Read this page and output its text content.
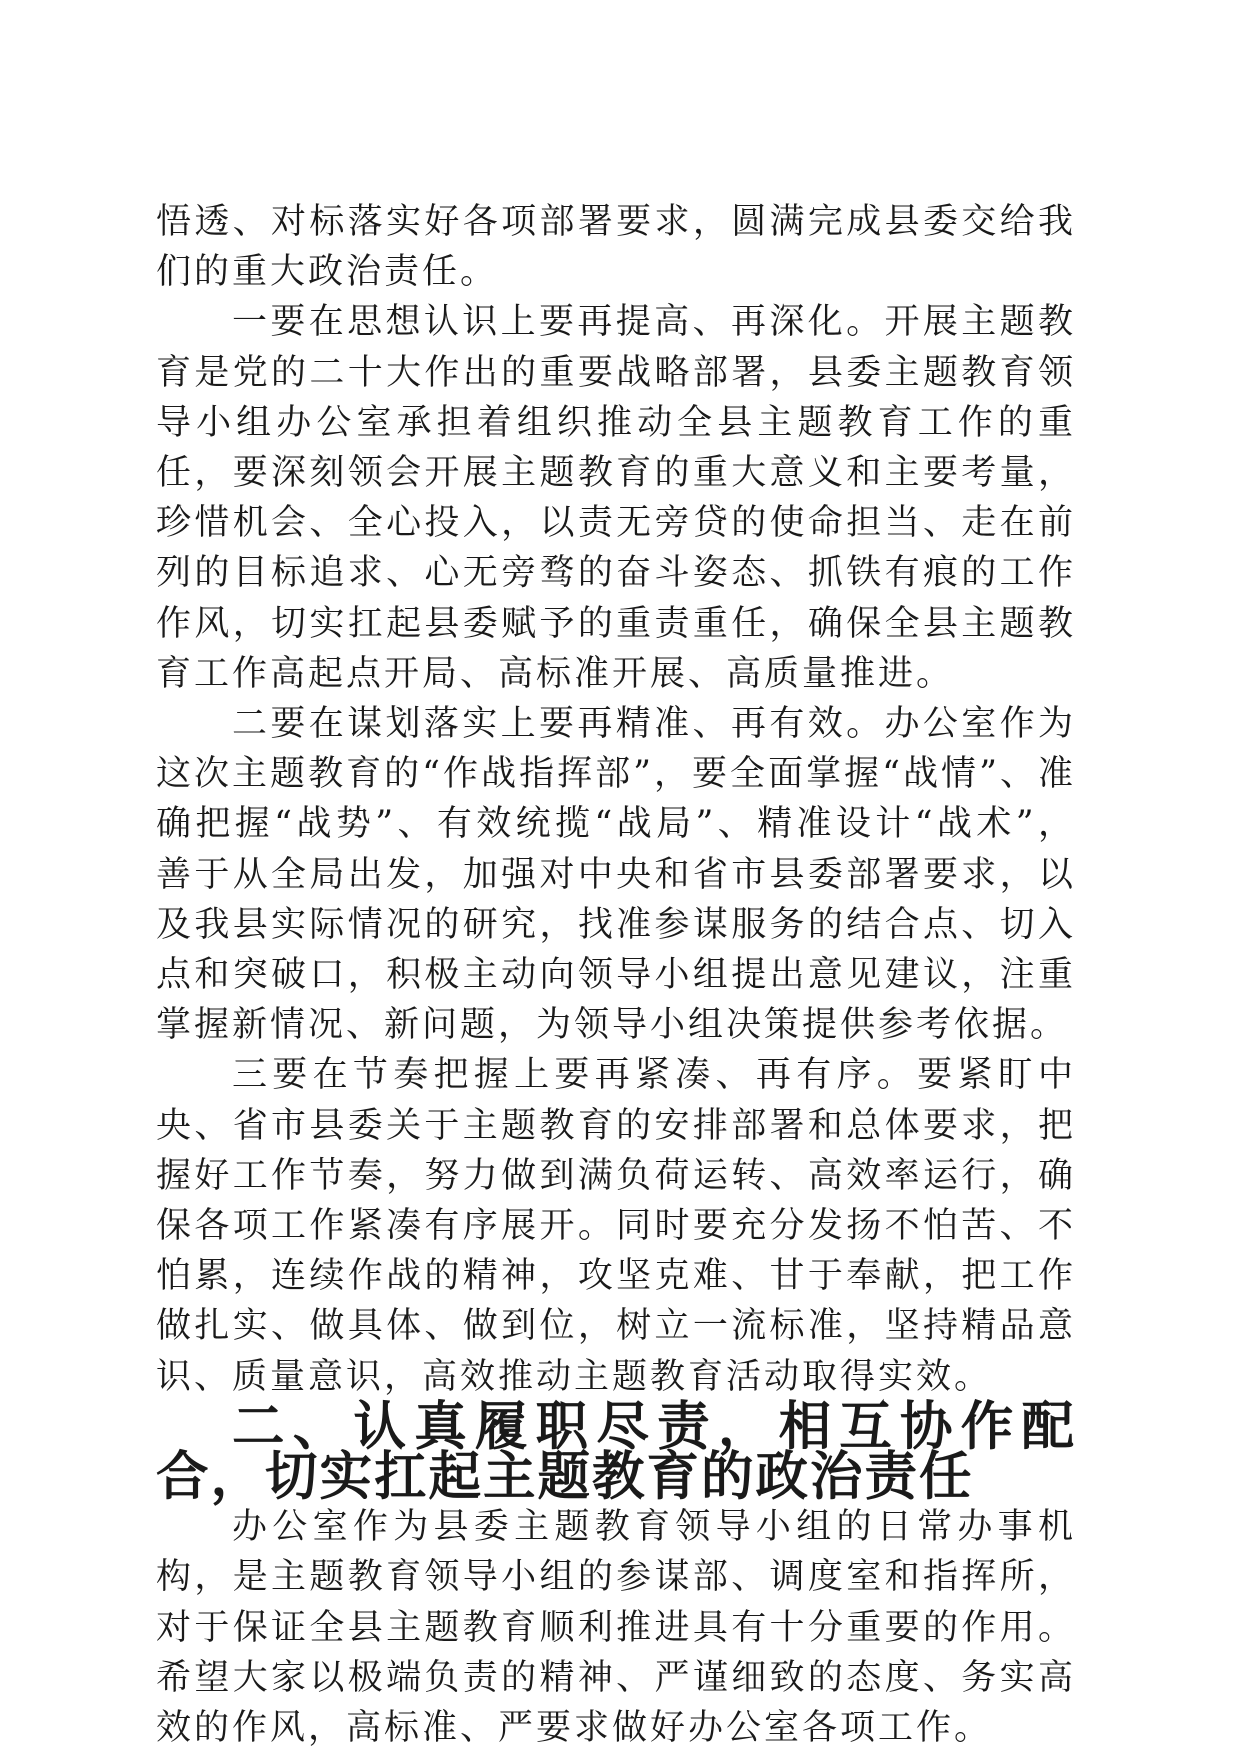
悟透、对标落实好各项部署要求，圆满完成县委交给我们的重大政治责任。

一要在思想认识上要再提高、再深化。开展主题教育是党的二十大作出的重要战略部署，县委主题教育领导小组办公室承担着组织推动全县主题教育工作的重任，要深刻领会开展主题教育的重大意义和主要考量，珍惜机会、全心投入，以责无旁贷的使命担当、走在前列的目标追求、心无旁骛的奋斗姿态、抓铁有痕的工作作风，切实扛起县委赋予的重责重任，确保全县主题教育工作高起点开局、高标准开展、高质量推进。

二要在谋划落实上要再精准、再有效。办公室作为这次主题教育的“作战指挥部”，要全面掌握“战情”、准确把握“战势”、有效统揽“战局”、精准设计“战术”，善于从全局出发，加强对中央和省市县委部署要求，以及我县实际情况的研究，找准参谋服务的结合点、切入点和突破口，积极主动向领导小组提出意见建议，注重掌握新情况、新问题，为领导小组决策提供参考依据。

三要在节奏把握上要再紧凑、再有序。要紧盯中央、省市县委关于主题教育的安排部署和总体要求，把握好工作节奏，努力做到满负荷运转、高效率运行，确保各项工作紧凑有序展开。同时要充分发扬不怕苦、不怕累，连续作战的精神，攻坚克难、甘于奉献，把工作做扎实、做具体、做到位，树立一流标准，坚持精品意识、质量意识，高效推动主题教育活动取得实效。

二、认真履职尽责，相互协作配合，切实扛起主题教育的政治责任

办公室作为县委主题教育领导小组的日常办事机构，是主题教育领导小组的参谋部、调度室和指挥所，对于保证全县主题教育顺利推进具有十分重要的作用。希望大家以极端负责的精神、严谨细致的态度、务实高效的作风，高标准、严要求做好办公室各项工作。
